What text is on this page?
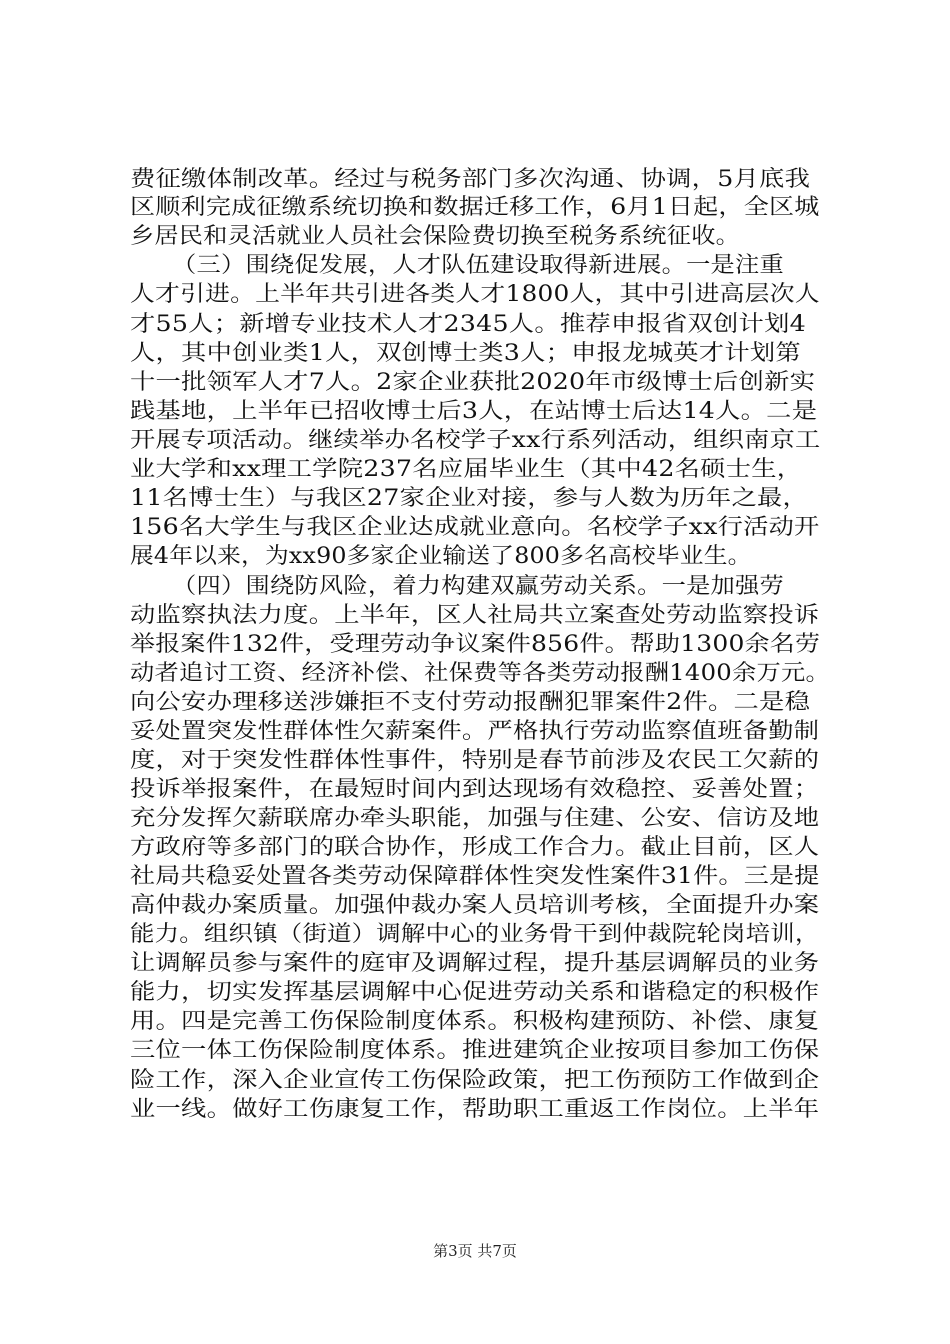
费征缴体制改革。经过与税务部门多次沟通、协调，5月底我
区顺利完成征缴系统切换和数据迁移工作，6月1日起，全区城
乡居民和灵活就业人员社会保险费切换至税务系统征收。
（三）围绕促发展，人才队伍建设取得新进展。一是注重
人才引进。上半年共引进各类人才1800人，其中引进高层次人
才55人；新增专业技术人才2345人。推荐申报省双创计划4
人，其中创业类1人，双创博士类3人；申报龙城英才计划第
十一批领军人才7人。2家企业获批2020年市级博士后创新实
践基地，上半年已招收博士后3人，在站博士后达14人。二是
开展专项活动。继续举办名校学子xx行系列活动，组织南京工
业大学和xx理工学院237名应届毕业生（其中42名硕士生，
11名博士生）与我区27家企业对接，参与人数为历年之最，
156名大学生与我区企业达成就业意向。名校学子xx行活动开
展4年以来，为xx90多家企业输送了800多名高校毕业生。
（四）围绕防风险，着力构建双赢劳动关系。一是加强劳
动监察执法力度。上半年，区人社局共立案查处劳动监察投诉
举报案件132件，受理劳动争议案件856件。帮助1300余名劳
动者追讨工资、经济补偿、社保费等各类劳动报酬1400余万元。
向公安办理移送涉嫌拒不支付劳动报酬犯罪案件2件。二是稳
妥处置突发性群体性欠薪案件。严格执行劳动监察值班备勤制
度，对于突发性群体性事件，特别是春节前涉及农民工欠薪的
投诉举报案件，在最短时间内到达现场有效稳控、妥善处置；
充分发挥欠薪联席办牵头职能，加强与住建、公安、信访及地
方政府等多部门的联合协作，形成工作合力。截止目前，区人
社局共稳妥处置各类劳动保障群体性突发性案件31件。三是提
高仲裁办案质量。加强仲裁办案人员培训考核，全面提升办案
能力。组织镇（街道）调解中心的业务骨干到仲裁院轮岗培训，
让调解员参与案件的庭审及调解过程，提升基层调解员的业务
能力，切实发挥基层调解中心促进劳动关系和谐稳定的积极作
用。四是完善工伤保险制度体系。积极构建预防、补偿、康复
三位一体工伤保险制度体系。推进建筑企业按项目参加工伤保
险工作，深入企业宣传工伤保险政策，把工伤预防工作做到企
业一线。做好工伤康复工作，帮助职工重返工作岗位。上半年
第3页 共7页
